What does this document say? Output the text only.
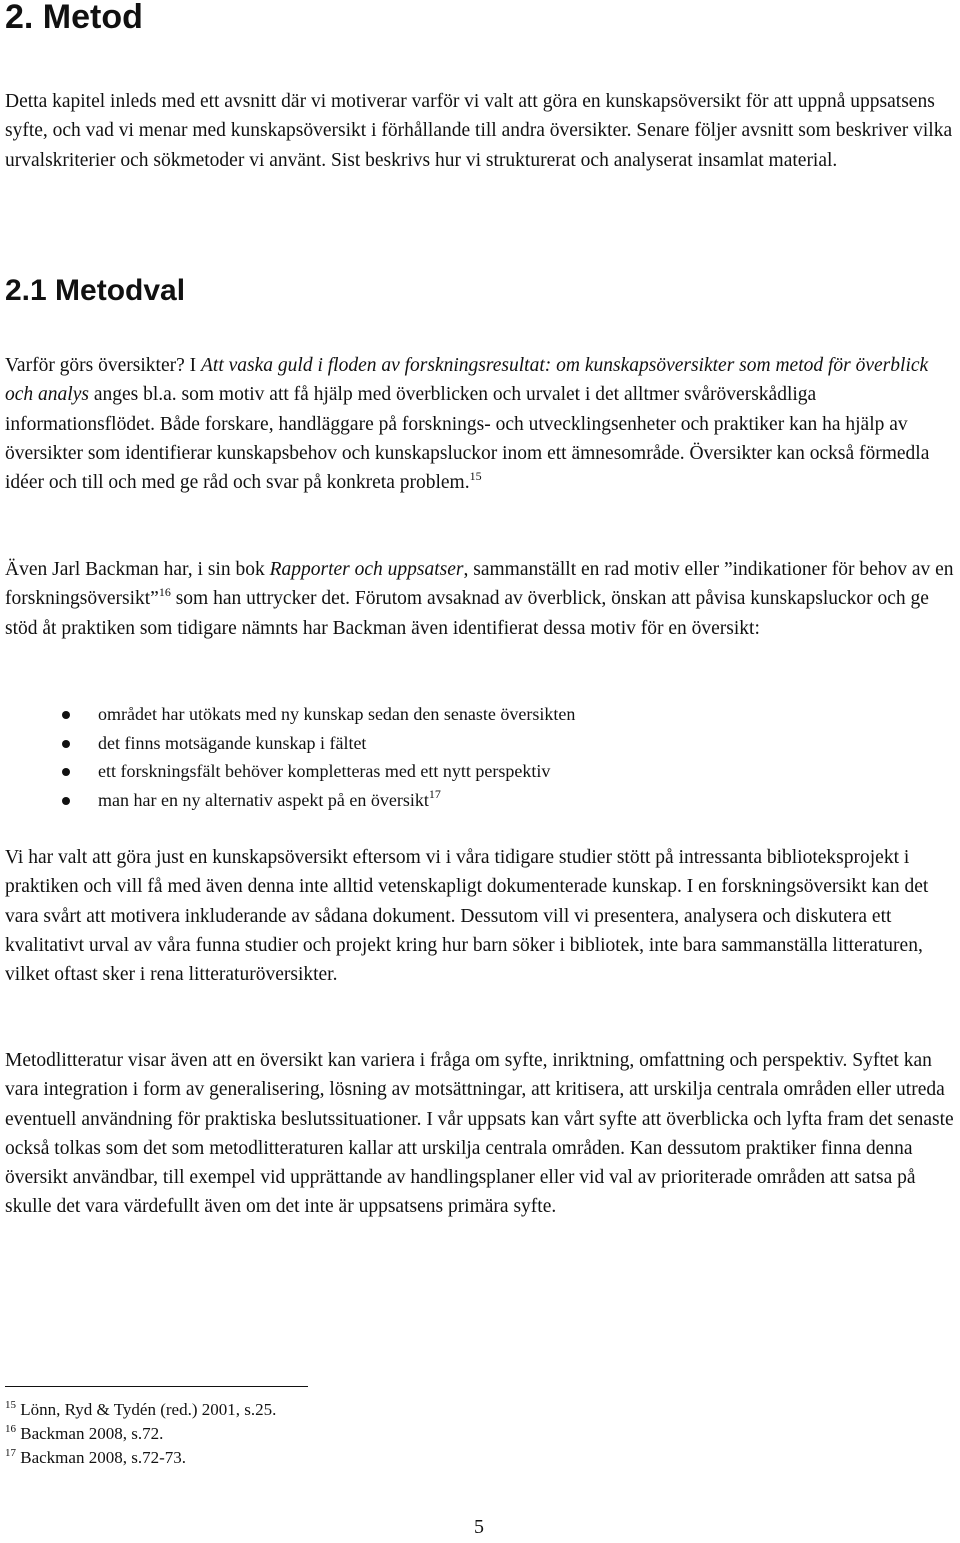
2. Metod

Detta kapitel inleds med ett avsnitt där vi motiverar varför vi valt att göra en kunskapsöversikt för att uppnå uppsatsens syfte, och vad vi menar med kunskapsöversikt i förhållande till andra översikter. Senare följer avsnitt som beskriver vilka urvalskriterier och sökmetoder vi använt. Sist beskrivs hur vi strukturerat och analyserat insamlat material.

2.1 Metodval

Varför görs översikter? I Att vaska guld i floden av forskningsresultat: om kunskapsöversikter som metod för överblick och analys anges bl.a. som motiv att få hjälp med överblicken och urvalet i det alltmer svåröverskådliga informationsflödet. Både forskare, handläggare på forsknings- och utvecklingsenheter och praktiker kan ha hjälp av översikter som identifierar kunskapsbehov och kunskapsluckor inom ett ämnesområde. Översikter kan också förmedla idéer och till och med ge råd och svar på konkreta problem.$^{15}$

Även Jarl Backman har, i sin bok Rapporter och uppsatser, sammanställt en rad motiv eller ”indikationer för behov av en forskningsöversikt”$^{16}$ som han uttrycker det. Förutom avsaknad av överblick, önskan att påvisa kunskapsluckor och ge stöd åt praktiken som tidigare nämnts har Backman även identifierat dessa motiv för en översikt:

området har utökats med ny kunskap sedan den senaste översikten
det finns motsägande kunskap i fältet
ett forskningsfält behöver kompletteras med ett nytt perspektiv
man har en ny alternativ aspekt på en översikt$^{17}$

Vi har valt att göra just en kunskapsöversikt eftersom vi i våra tidigare studier stött på intressanta biblioteksprojekt i praktiken och vill få med även denna inte alltid vetenskapligt dokumenterade kunskap. I en forskningsöversikt kan det vara svårt att motivera inkluderande av sådana dokument. Dessutom vill vi presentera, analysera och diskutera ett kvalitativt urval av våra funna studier och projekt kring hur barn söker i bibliotek, inte bara sammanställa litteraturen, vilket oftast sker i rena litteraturöversikter.

Metodlitteratur visar även att en översikt kan variera i fråga om syfte, inriktning, omfattning och perspektiv. Syftet kan vara integration i form av generalisering, lösning av motsättningar, att kritisera, att urskilja centrala områden eller utreda eventuell användning för praktiska beslutssituationer. I vår uppsats kan vårt syfte att överblicka och lyfta fram det senaste också tolkas som det som metodlitteraturen kallar att urskilja centrala områden. Kan dessutom praktiker finna denna översikt användbar, till exempel vid upprättande av handlingsplaner eller vid val av prioriterade områden att satsa på skulle det vara värdefullt även om det inte är uppsatsens primära syfte.

$^{15}$ Lönn, Ryd & Tydén (red.) 2001, s.25.

$^{16}$ Backman 2008, s.72.

$^{17}$ Backman 2008, s.72-73.

5
